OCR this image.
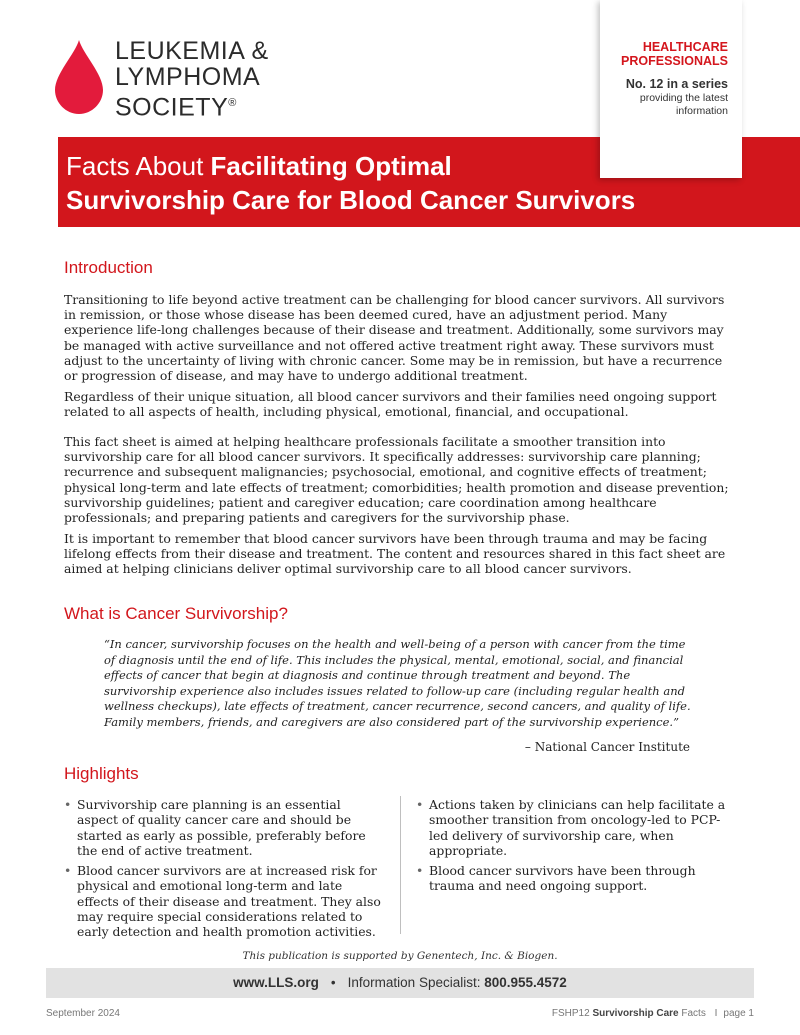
LEUKEMIA &
LYMPHOMA
SOCIETY®
HEALTHCARE
PROFESSIONALS
No. 12 in a series
providing the latest
information
Facts About Facilitating Optimal
Survivorship Care for Blood Cancer Survivors
Introduction
Transitioning to life beyond active treatment can be challenging for blood cancer survivors. All survivors in remission, or those whose disease has been deemed cured, have an adjustment period. Many experience life-long challenges because of their disease and treatment. Additionally, some survivors may be managed with active surveillance and not offered active treatment right away. These survivors must adjust to the uncertainty of living with chronic cancer. Some may be in remission, but have a recurrence or progression of disease, and may have to undergo additional treatment.
Regardless of their unique situation, all blood cancer survivors and their families need ongoing support related to all aspects of health, including physical, emotional, financial, and occupational.
This fact sheet is aimed at helping healthcare professionals facilitate a smoother transition into survivorship care for all blood cancer survivors. It specifically addresses: survivorship care planning; recurrence and subsequent malignancies; psychosocial, emotional, and cognitive effects of treatment; physical long-term and late effects of treatment; comorbidities; health promotion and disease prevention; survivorship guidelines; patient and caregiver education; care coordination among healthcare professionals; and preparing patients and caregivers for the survivorship phase.
It is important to remember that blood cancer survivors have been through trauma and may be facing lifelong effects from their disease and treatment. The content and resources shared in this fact sheet are aimed at helping clinicians deliver optimal survivorship care to all blood cancer survivors.
What is Cancer Survivorship?
“In cancer, survivorship focuses on the health and well-being of a person with cancer from the time of diagnosis until the end of life. This includes the physical, mental, emotional, social, and financial effects of cancer that begin at diagnosis and continue through treatment and beyond. The survivorship experience also includes issues related to follow-up care (including regular health and wellness checkups), late effects of treatment, cancer recurrence, second cancers, and quality of life. Family members, friends, and caregivers are also considered part of the survivorship experience.”
– National Cancer Institute
Highlights
• Survivorship care planning is an essential aspect of quality cancer care and should be started as early as possible, preferably before the end of active treatment.
• Blood cancer survivors are at increased risk for physical and emotional long-term and late effects of their disease and treatment. They also may require special considerations related to early detection and health promotion activities.
• Actions taken by clinicians can help facilitate a smoother transition from oncology-led to PCP-led delivery of survivorship care, when appropriate.
• Blood cancer survivors have been through trauma and need ongoing support.
This publication is supported by Genentech, Inc. & Biogen.
www.LLS.org • Information Specialist: 800.955.4572
September 2024	FSHP12 Survivorship Care Facts I page 1
